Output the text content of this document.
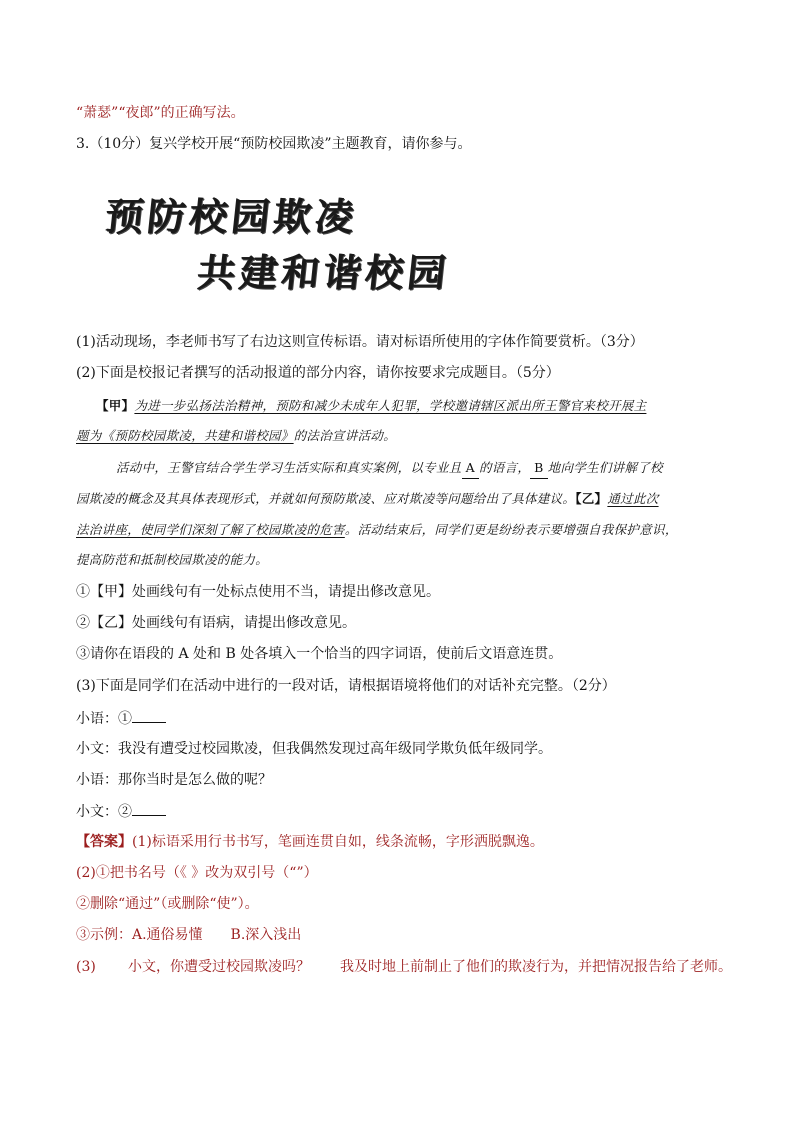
“萧瑟”“夜郎”的正确写法。
3.（10分）复兴学校开展“预防校园欺凌”主题教育，请你参与。
预防校园欺凌
共建和谐校园
(1)活动现场，李老师书写了右边这则宣传标语。请对标语所使用的字体作简要赏析。（3分）
(2)下面是校报记者撰写的活动报道的部分内容，请你按要求完成题目。（5分）
【甲】为进一步弘扬法治精神，预防和减少未成年人犯罪，学校邀请辖区派出所王警官来校开展主
题为《预防校园欺凌，共建和谐校园》的法治宣讲活动。
活动中，王警官结合学生学习生活实际和真实案例，以专业且 A 的语言， B 地向学生们讲解了校
园欺凌的概念及其具体表现形式，并就如何预防欺凌、应对欺凌等问题给出了具体建议。【乙】通过此次
法治讲座，使同学们深刻了解了校园欺凌的危害。活动结束后，同学们更是纷纷表示要增强自我保护意识，
提高防范和抵制校园欺凌的能力。
①【甲】处画线句有一处标点使用不当，请提出修改意见。
②【乙】处画线句有语病，请提出修改意见。
③请你在语段的 A 处和 B 处各填入一个恰当的四字词语，使前后文语意连贯。
(3)下面是同学们在活动中进行的一段对话，请根据语境将他们的对话补充完整。（2分）
小语：①
小文：我没有遭受过校园欺凌，但我偶然发现过高年级同学欺负低年级同学。
小语：那你当时是怎么做的呢？
小文：②
【答案】(1)标语采用行书书写，笔画连贯自如，线条流畅，字形洒脱飘逸。
(2)①把书名号（《 》改为双引号（“”）
②删除“通过”（或删除“使”）。
③示例：A.通俗易懂　　B.深入浅出
(3) 小文，你遭受过校园欺凌吗？ 我及时地上前制止了他们的欺凌行为，并把情况报告给了老师。
